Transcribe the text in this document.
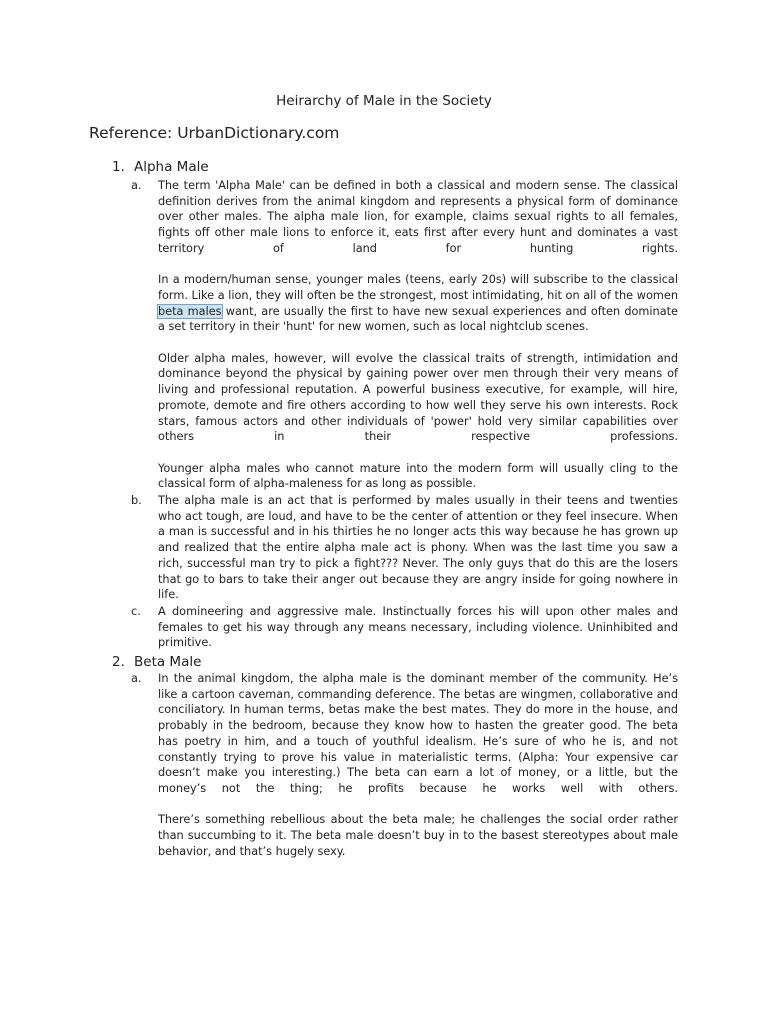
Heirarchy of Male in the Society
Reference: UrbanDictionary.com
1. Alpha Male
a.	The term 'Alpha Male' can be defined in both a classical and modern sense. The classical definition derives from the animal kingdom and represents a physical form of dominance over other males. The alpha male lion, for example, claims sexual rights to all females, fights off other male lions to enforce it, eats first after every hunt and dominates a vast territory of land for hunting rights.

In a modern/human sense, younger males (teens, early 20s) will subscribe to the classical form. Like a lion, they will often be the strongest, most intimidating, hit on all of the women beta males want, are usually the first to have new sexual experiences and often dominate a set territory in their 'hunt' for new women, such as local nightclub scenes.

Older alpha males, however, will evolve the classical traits of strength, intimidation and dominance beyond the physical by gaining power over men through their very means of living and professional reputation. A powerful business executive, for example, will hire, promote, demote and fire others according to how well they serve his own interests. Rock stars, famous actors and other individuals of 'power' hold very similar capabilities over others in their respective professions.

Younger alpha males who cannot mature into the modern form will usually cling to the classical form of alpha-maleness for as long as possible.

b.	The alpha male is an act that is performed by males usually in their teens and twenties who act tough, are loud, and have to be the center of attention or they feel insecure. When a man is successful and in his thirties he no longer acts this way because he has grown up and realized that the entire alpha male act is phony. When was the last time you saw a rich, successful man try to pick a fight??? Never. The only guys that do this are the losers that go to bars to take their anger out because they are angry inside for going nowhere in life.

c.	A domineering and aggressive male. Instinctually forces his will upon other males and females to get his way through any means necessary, including violence. Uninhibited and primitive.

2. Beta Male
a.	In the animal kingdom, the alpha male is the dominant member of the community. He’s like a cartoon caveman, commanding deference. The betas are wingmen, collaborative and conciliatory. In human terms, betas make the best mates. They do more in the house, and probably in the bedroom, because they know how to hasten the greater good. The beta has poetry in him, and a touch of youthful idealism. He’s sure of who he is, and not constantly trying to prove his value in materialistic terms. (Alpha: Your expensive car doesn’t make you interesting.) The beta can earn a lot of money, or a little, but the money’s not the thing; he profits because he works well with others.

There’s something rebellious about the beta male; he challenges the social order rather than succumbing to it. The beta male doesn’t buy in to the basest stereotypes about male behavior, and that’s hugely sexy.
